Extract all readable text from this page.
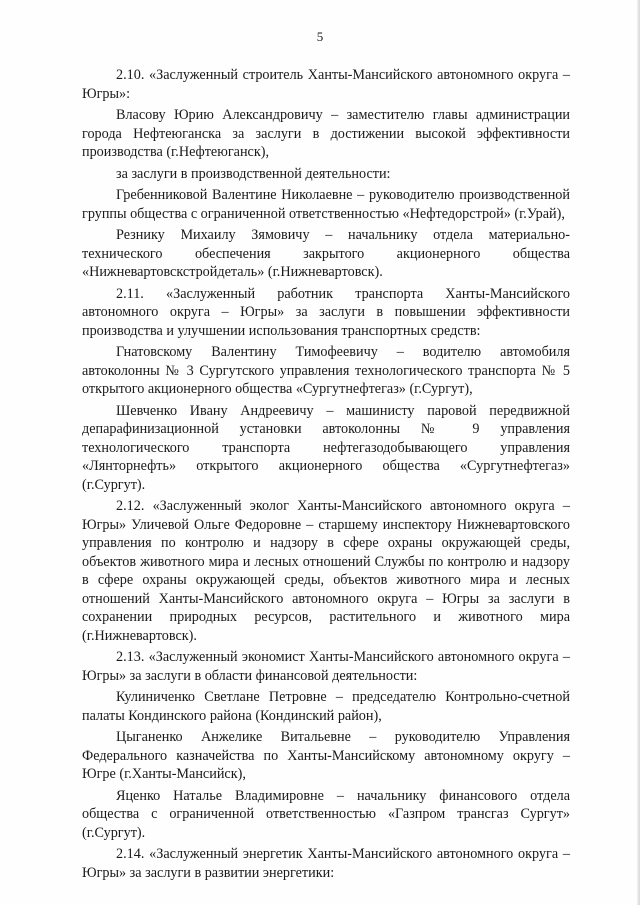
5

2.10. «Заслуженный строитель Ханты-Мансийского автономного округа – Югры»:

Власову Юрию Александровичу – заместителю главы администрации города Нефтеюганска за заслуги в достижении высокой эффективности производства (г.Нефтеюганск),

за заслуги в производственной деятельности:

Гребенниковой Валентине Николаевне – руководителю производственной группы общества с ограниченной ответственностью «Нефтедорстрой» (г.Урай),

Резнику Михаилу Зямовичу – начальнику отдела материально-технического обеспечения закрытого акционерного общества «Нижневартовскстройдеталь» (г.Нижневартовск).

2.11. «Заслуженный работник транспорта Ханты-Мансийского автономного округа – Югры» за заслуги в повышении эффективности производства и улучшении использования транспортных средств:

Гнатовскому Валентину Тимофеевичу – водителю автомобиля автоколонны № 3 Сургутского управления технологического транспорта № 5 открытого акционерного общества «Сургутнефтегаз» (г.Сургут),

Шевченко Ивану Андреевичу – машинисту паровой передвижной депарафинизационной установки автоколонны № 9 управления технологического транспорта нефтегазодобывающего управления «Лянторнефть» открытого акционерного общества «Сургутнефтегаз» (г.Сургут).

2.12. «Заслуженный эколог Ханты-Мансийского автономного округа – Югры» Уличевой Ольге Федоровне – старшему инспектору Нижневартовского управления по контролю и надзору в сфере охраны окружающей среды, объектов животного мира и лесных отношений Службы по контролю и надзору в сфере охраны окружающей среды, объектов животного мира и лесных отношений Ханты-Мансийского автономного округа – Югры за заслуги в сохранении природных ресурсов, растительного и животного мира (г.Нижневартовск).

2.13. «Заслуженный экономист Ханты-Мансийского автономного округа – Югры» за заслуги в области финансовой деятельности:

Кулиниченко Светлане Петровне – председателю Контрольно-счетной палаты Кондинского района (Кондинский район),

Цыганенко Анжелике Витальевне – руководителю Управления Федерального казначейства по Ханты-Мансийскому автономному округу – Югре (г.Ханты-Мансийск),

Яценко Наталье Владимировне – начальнику финансового отдела общества с ограниченной ответственностью «Газпром трансгаз Сургут» (г.Сургут).

2.14. «Заслуженный энергетик Ханты-Мансийского автономного округа – Югры» за заслуги в развитии энергетики:
